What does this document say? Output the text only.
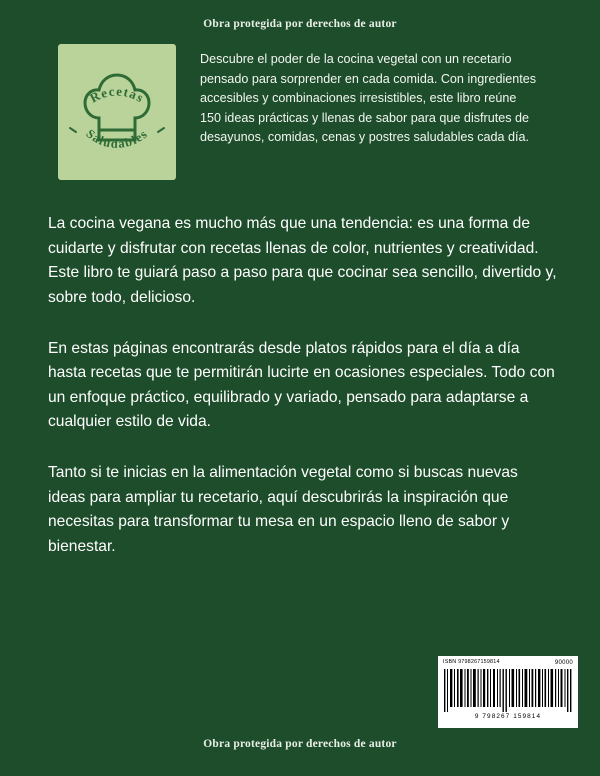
Obra protegida por derechos de autor
Recetas
Saludables
Descubre el poder de la cocina vegetal con un recetario pensado para sorprender en cada comida. Con ingredientes accesibles y combinaciones irresistibles, este libro reúne 150 ideas prácticas y llenas de sabor para que disfrutes de desayunos, comidas, cenas y postres saludables cada día.

La cocina vegana es mucho más que una tendencia: es una forma de cuidarte y disfrutar con recetas llenas de color, nutrientes y creatividad. Este libro te guiará paso a paso para que cocinar sea sencillo, divertido y, sobre todo, delicioso.

En estas páginas encontrarás desde platos rápidos para el día a día hasta recetas que te permitirán lucirte en ocasiones especiales. Todo con un enfoque práctico, equilibrado y variado, pensado para adaptarse a cualquier estilo de vida.

Tanto si te inicias en la alimentación vegetal como si buscas nuevas ideas para ampliar tu recetario, aquí descubrirás la inspiración que necesitas para transformar tu mesa en un espacio lleno de sabor y bienestar.

ISBN 9798267159814	90000
9 798267 159814
Obra protegida por derechos de autor
